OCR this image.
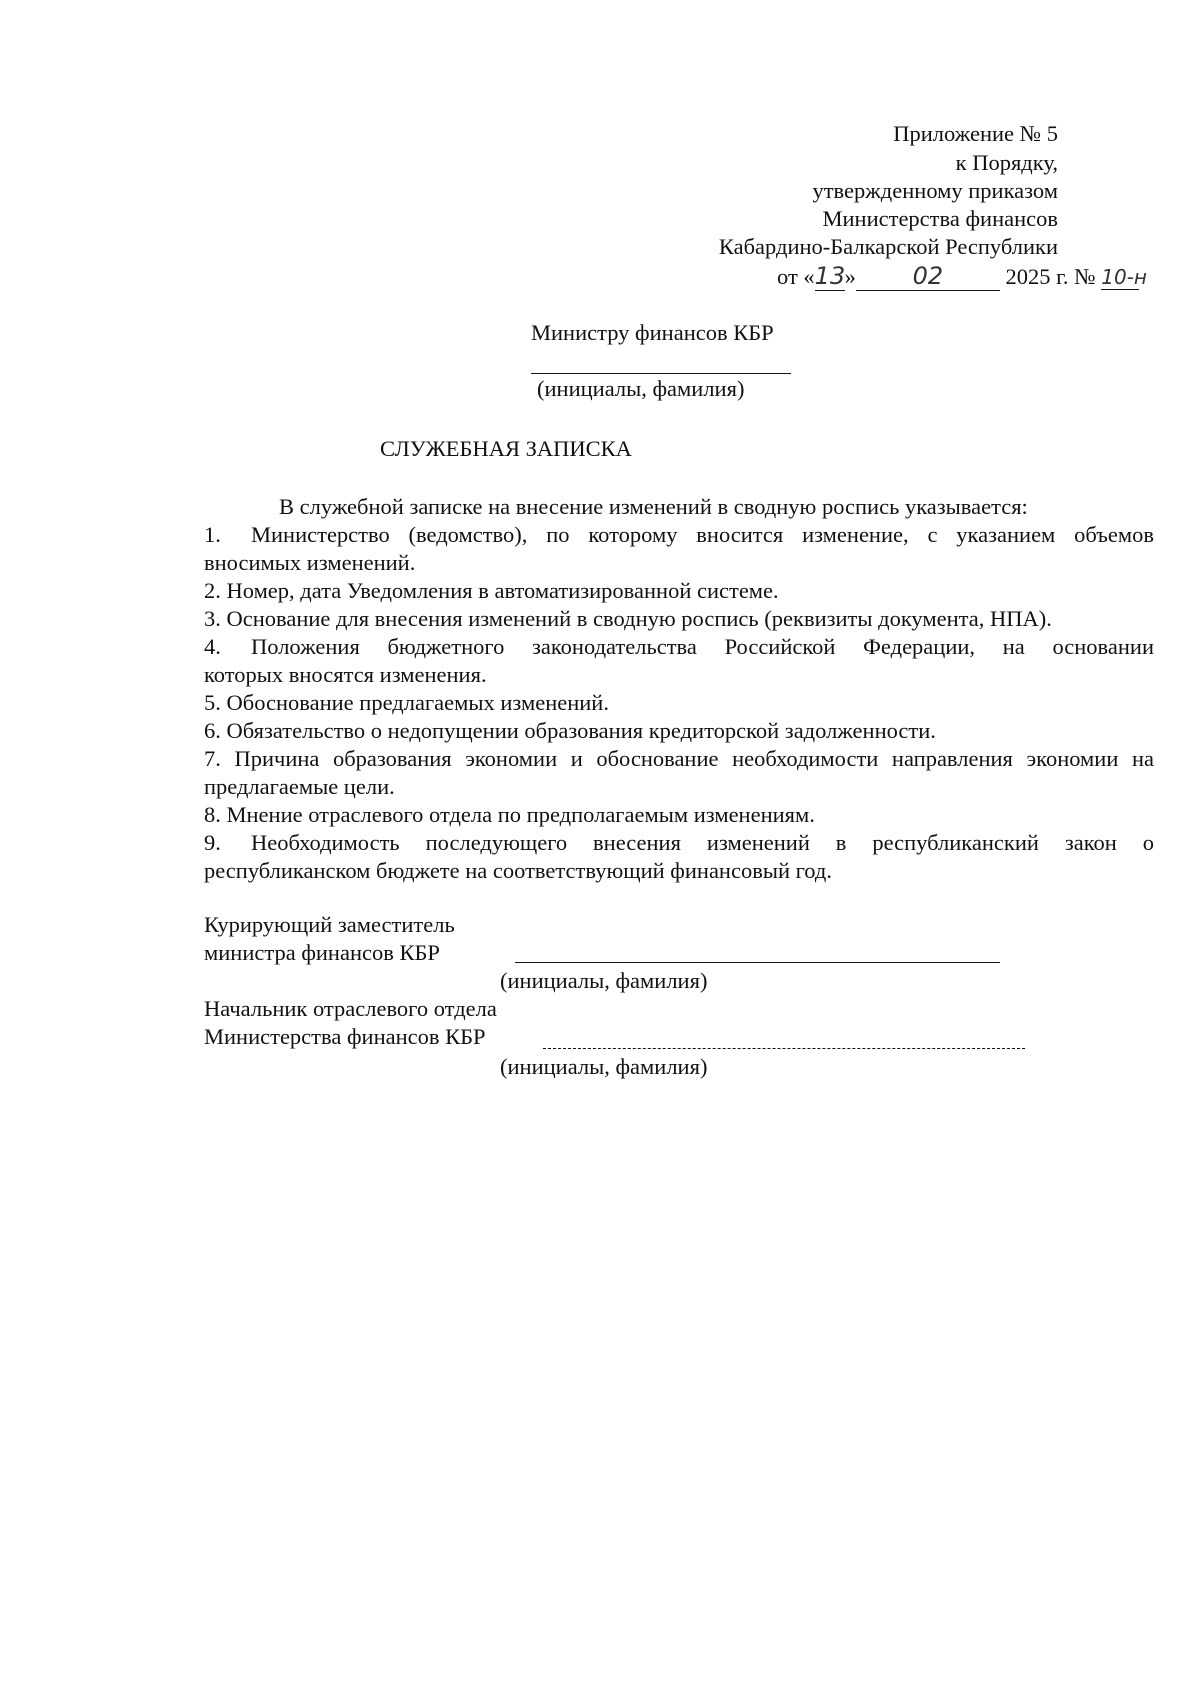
Приложение № 5
к Порядку,
утвержденному приказом
Министерства финансов
Кабардино-Балкарской Республики
от «13» 02	2025 г. № 10-н
Министру финансов КБР
(инициалы, фамилия)
СЛУЖЕБНАЯ ЗАПИСКА
В служебной записке на внесение изменений в сводную роспись указывается:
1. Министерство (ведомство), по которому вносится изменение, с указанием объемов
вносимых изменений.
2. Номер, дата Уведомления в автоматизированной системе.
3. Основание для внесения изменений в сводную роспись (реквизиты документа, НПА).
4. Положения бюджетного законодательства Российской Федерации, на основании
которых вносятся изменения.
5. Обоснование предлагаемых изменений.
6. Обязательство о недопущении образования кредиторской задолженности.
7. Причина образования экономии и обоснование необходимости направления экономии на
предлагаемые цели.
8. Мнение отраслевого отдела по предполагаемым изменениям.
9. Необходимость последующего внесения изменений в республиканский закон о
республиканском бюджете на соответствующий финансовый год.
Курирующий заместитель
министра финансов КБР
(инициалы, фамилия)
Начальник отраслевого отдела
Министерства финансов КБР
(инициалы, фамилия)
